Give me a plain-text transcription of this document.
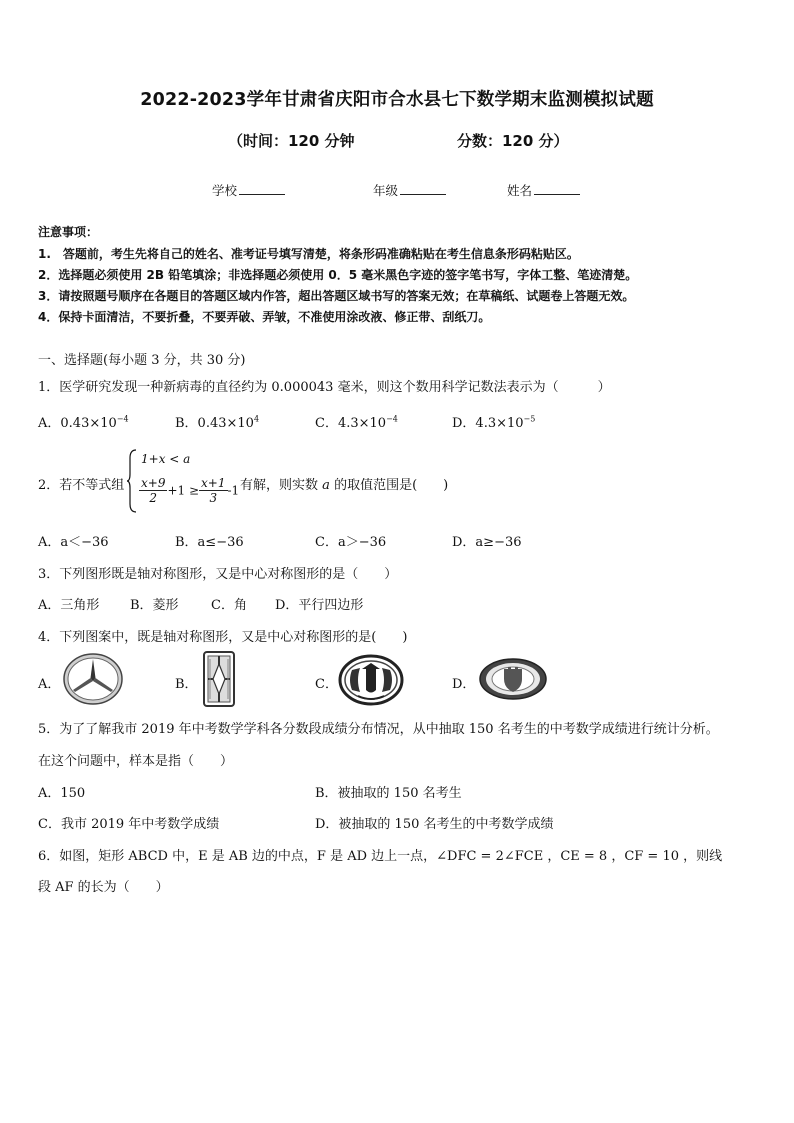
2022-2023学年甘肃省庆阳市合水县七下数学期末监测模拟试题
（时间：120 分钟	分数：120 分）
学校	年级	姓名
注意事项：
1.　答题前，考生先将自己的姓名、准考证号填写清楚，将条形码准确粘贴在考生信息条形码粘贴区。
2．选择题必须使用 2B 铅笔填涂；非选择题必须使用 0．5 毫米黑色字迹的签字笔书写，字体工整、笔迹清楚。
3．请按照题号顺序在各题目的答题区域内作答，超出答题区域书写的答案无效；在草稿纸、试题卷上答题无效。
4．保持卡面清洁，不要折叠，不要弄破、弄皱，不准使用涂改液、修正带、刮纸刀。
一、选择题(每小题 3 分，共 30 分)
1．医学研究发现一种新病毒的直径约为 0.000043 毫米，则这个数用科学记数法表示为（　　　）
A．$0.43\times 10^{-4}$	B．$0.43\times 10^4$	C．$4.3\times 10^{-4}$	D．$4.3\times 10^{-5}$
2．若不等式组
1+x < a
$\frac{x+9}{2} +1 \ge \frac{x+1}{3} -1$ 有解，则实数 a 的取值范围是(　　)
A．a＜−36	B．a≤−36	C．a＞−36	D．a≥−36
3．下列图形既是轴对称图形，又是中心对称图形的是（　　）
A．三角形 B．菱形 C．角 D．平行四边形
4．下列图案中，既是轴对称图形，又是中心对称图形的是(　　)
A．	B．	C．	D．
5．为了了解我市 2019 年中考数学学科各分数段成绩分布情况，从中抽取 150 名考生的中考数学成绩进行统计分析。
在这个问题中，样本是指（　　）
A．150	B．被抽取的 150 名考生
C．我市 2019 年中考数学成绩	D．被抽取的 150 名考生的中考数学成绩
6．如图，矩形 ABCD 中，E 是 AB 边的中点，F 是 AD 边上一点，∠DFC = 2∠FCE ，CE = 8 ，CF = 10 ，则线
段 AF 的长为（　　）
